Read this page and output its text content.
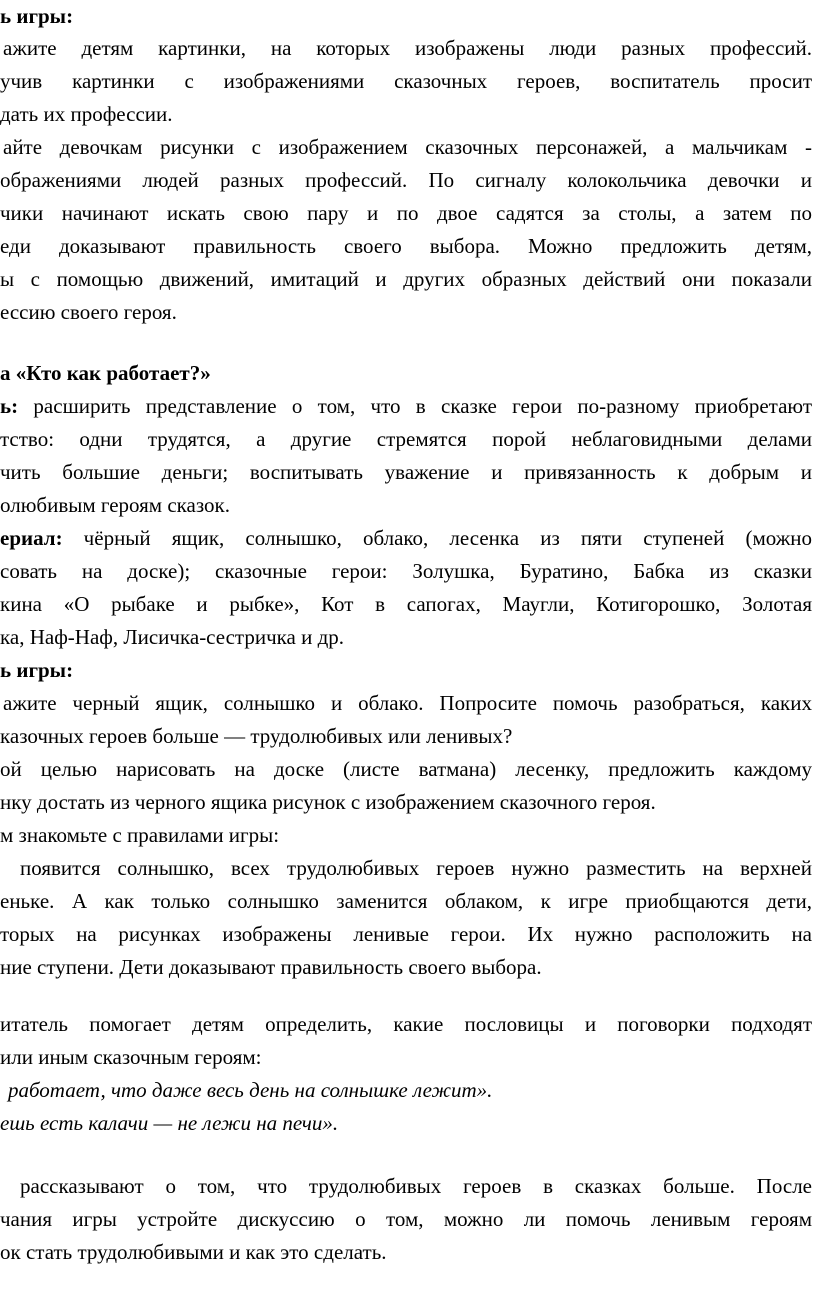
ь игры:
ажите детям картинки, на которых изображены люди разных профессий.
учив картинки с изображениями сказочных героев, воспитатель просит
дать их профессии.
айте девочкам рисунки с изображением сказочных персонажей, а мальчикам -
ображениями людей разных профессий. По сигналу колокольчика девочки и
чики начинают искать свою пару и по двое садятся за столы, а затем по
еди доказывают правильность своего выбора. Можно предложить детям,
ы с помощью движений, имитаций и других образных действий они показали
ессию своего героя.
а «Кто как работает?»
ь: расширить представление о том, что в сказке герои по-разному приобретают
тство: одни трудятся, а другие стремятся порой неблаговидными делами
чить большие деньги; воспитывать уважение и привязанность к добрым и
олюбивым героям сказок.
ериал: чёрный ящик, солнышко, облако, лесенка из пяти ступеней (можно
совать на доске); сказочные герои: Золушка, Буратино, Бабка из сказки
кина «О рыбаке и рыбке», Кот в сапогах, Маугли, Котигорошко, Золотая
ка, Наф-Наф, Лисичка-сестричка и др.
ь игры:
ажите черный ящик, солнышко и облако. Попросите помочь разобраться, каких
казочных героев больше — трудолюбивых или ленивых?
ой целью нарисовать на доске (листе ватмана) лесенку, предложить каждому
нку достать из черного ящика рисунок с изображением сказочного героя.
м знакомьте с правилами игры:
появится солнышко, всех трудолюбивых героев нужно разместить на верхней
еньке. А как только солнышко заменится облаком, к игре приобщаются дети,
торых на рисунках изображены ленивые герои. Их нужно расположить на
ние ступени. Дети доказывают правильность своего выбора.
итатель помогает детям определить, какие пословицы и поговорки подходят
или иным сказочным героям:
работает, что даже весь день на солнышке лежит».
ешь есть калачи — не лежи на печи».
рассказывают о том, что трудолюбивых героев в сказках больше. После
чания игры устройте дискуссию о том, можно ли помочь ленивым героям
ок стать трудолюбивыми и как это сделать.
